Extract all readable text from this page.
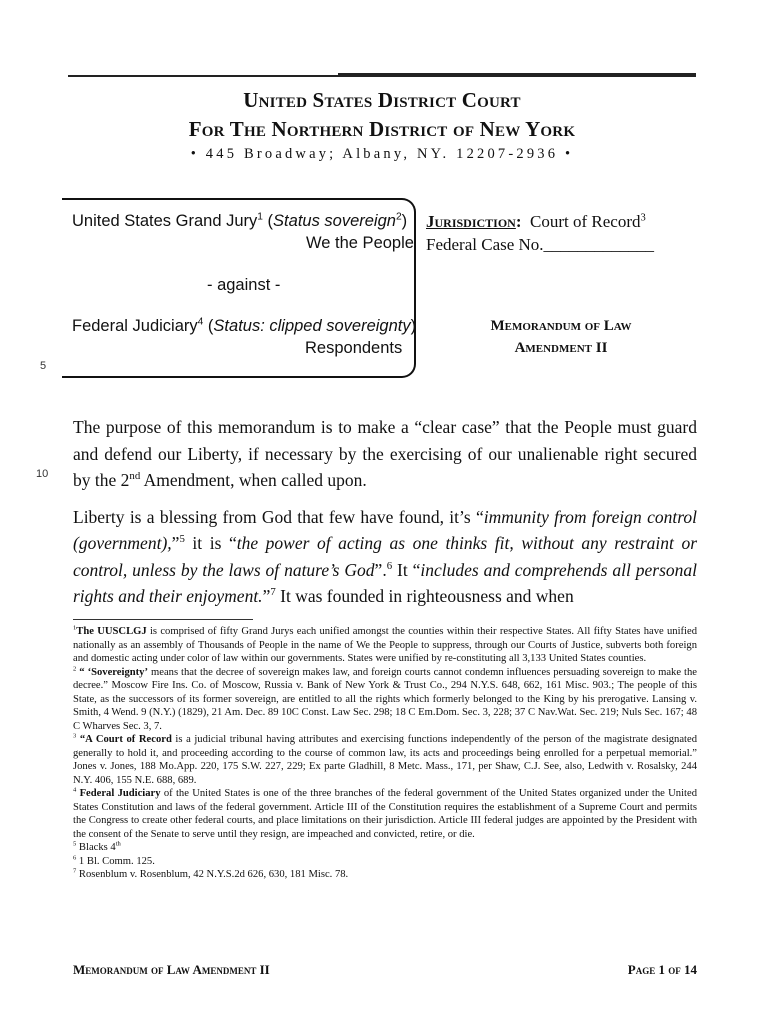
United States District Court
For The Northern District of New York
• 445 Broadway; Albany, NY. 12207-2936 •
United States Grand Jury$^1$ (Status sovereign$^2$)
We the People
- against -
Federal Judiciary$^4$ (Status: clipped sovereignty)
Respondents
Jurisdiction: Court of Record$^3$
Federal Case No._____________
Memorandum of Law
Amendment II
5
10

The purpose of this memorandum is to make a “clear case” that the People must guard and defend our Liberty, if necessary by the exercising of our unalienable right secured by the 2nd Amendment, when called upon.

Liberty is a blessing from God that few have found, it’s “immunity from foreign control (government),”$^5$ it is “the power of acting as one thinks fit, without any restraint or control, unless by the laws of nature’s God”.$^6$ It “includes and comprehends all personal rights and their enjoyment.”$^7$ It was founded in righteousness and when

$^1$The UUSCLGJ is comprised of fifty Grand Jurys each unified amongst the counties within their respective States. All fifty States have unified nationally as an assembly of Thousands of People in the name of We the People to suppress, through our Courts of Justice, subverts both foreign and domestic acting under color of law within our governments. States were unified by re-constituting all 3,133 United States counties.
$^2$ “ ‘Sovereignty’ means that the decree of sovereign makes law, and foreign courts cannot condemn influences persuading sovereign to make the decree.” Moscow Fire Ins. Co. of Moscow, Russia v. Bank of New York & Trust Co., 294 N.Y.S. 648, 662, 161 Misc. 903.; The people of this State, as the successors of its former sovereign, are entitled to all the rights which formerly belonged to the King by his prerogative. Lansing v. Smith, 4 Wend. 9 (N.Y.) (1829), 21 Am. Dec. 89 10C Const. Law Sec. 298; 18 C Em.Dom. Sec. 3, 228; 37 C Nav.Wat. Sec. 219; Nuls Sec. 167; 48 C Wharves Sec. 3, 7.
$^3$ “A Court of Record is a judicial tribunal having attributes and exercising functions independently of the person of the magistrate designated generally to hold it, and proceeding according to the course of common law, its acts and proceedings being enrolled for a perpetual memorial.” Jones v. Jones, 188 Mo.App. 220, 175 S.W. 227, 229; Ex parte Gladhill, 8 Metc. Mass., 171, per Shaw, C.J. See, also, Ledwith v. Rosalsky, 244 N.Y. 406, 155 N.E. 688, 689.
$^4$ Federal Judiciary of the United States is one of the three branches of the federal government of the United States organized under the United States Constitution and laws of the federal government. Article III of the Constitution requires the establishment of a Supreme Court and permits the Congress to create other federal courts, and place limitations on their jurisdiction. Article III federal judges are appointed by the President with the consent of the Senate to serve until they resign, are impeached and convicted, retire, or die.
$^5$ Blacks 4th
$^6$ 1 Bl. Comm. 125.
$^7$ Rosenblum v. Rosenblum, 42 N.Y.S.2d 626, 630, 181 Misc. 78.
Memorandum of Law Amendment II	Page 1 of 14
